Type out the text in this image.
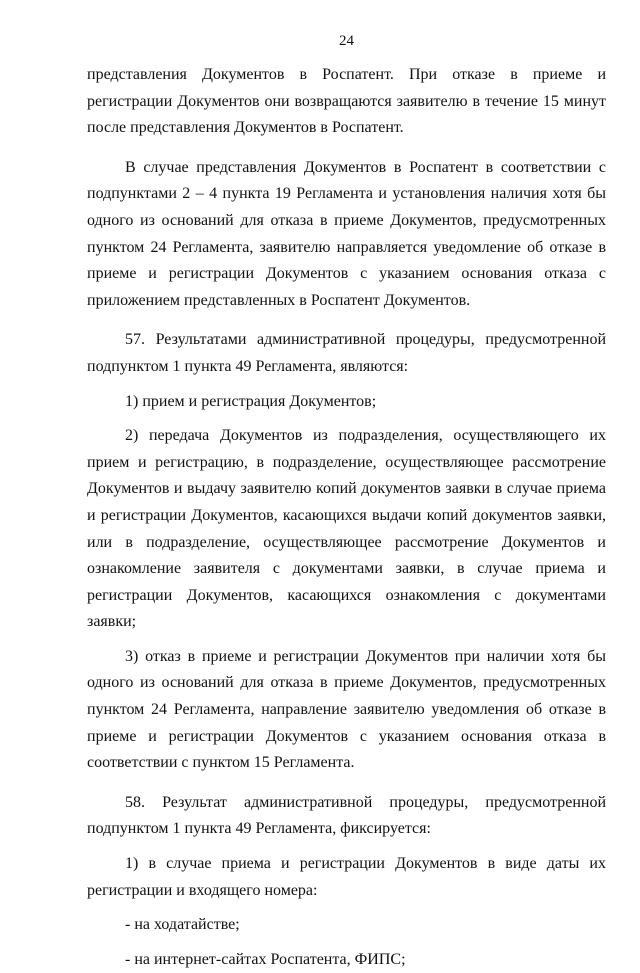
24

представления Документов в Роспатент. При отказе в приеме и регистрации Документов они возвращаются заявителю в течение 15 минут после представления Документов в Роспатент.

В случае представления Документов в Роспатент в соответствии с подпунктами 2 – 4 пункта 19 Регламента и установления наличия хотя бы одного из оснований для отказа в приеме Документов, предусмотренных пунктом 24 Регламента, заявителю направляется уведомление об отказе в приеме и регистрации Документов с указанием основания отказа с приложением представленных в Роспатент Документов.

57. Результатами административной процедуры, предусмотренной подпунктом 1 пункта 49 Регламента, являются:

1) прием и регистрация Документов;

2) передача Документов из подразделения, осуществляющего их прием и регистрацию, в подразделение, осуществляющее рассмотрение Документов и выдачу заявителю копий документов заявки в случае приема и регистрации Документов, касающихся выдачи копий документов заявки, или в подразделение, осуществляющее рассмотрение Документов и ознакомление заявителя с документами заявки, в случае приема и регистрации Документов, касающихся ознакомления с документами заявки;

3) отказ в приеме и регистрации Документов при наличии хотя бы одного из оснований для отказа в приеме Документов, предусмотренных пунктом 24 Регламента, направление заявителю уведомления об отказе в приеме и регистрации Документов с указанием основания отказа в соответствии с пунктом 15 Регламента.

58. Результат административной процедуры, предусмотренной подпунктом 1 пункта 49 Регламента, фиксируется:

1) в случае приема и регистрации Документов в виде даты их регистрации и входящего номера:

- на ходатайстве;

- на интернет-сайтах Роспатента, ФИПС;
